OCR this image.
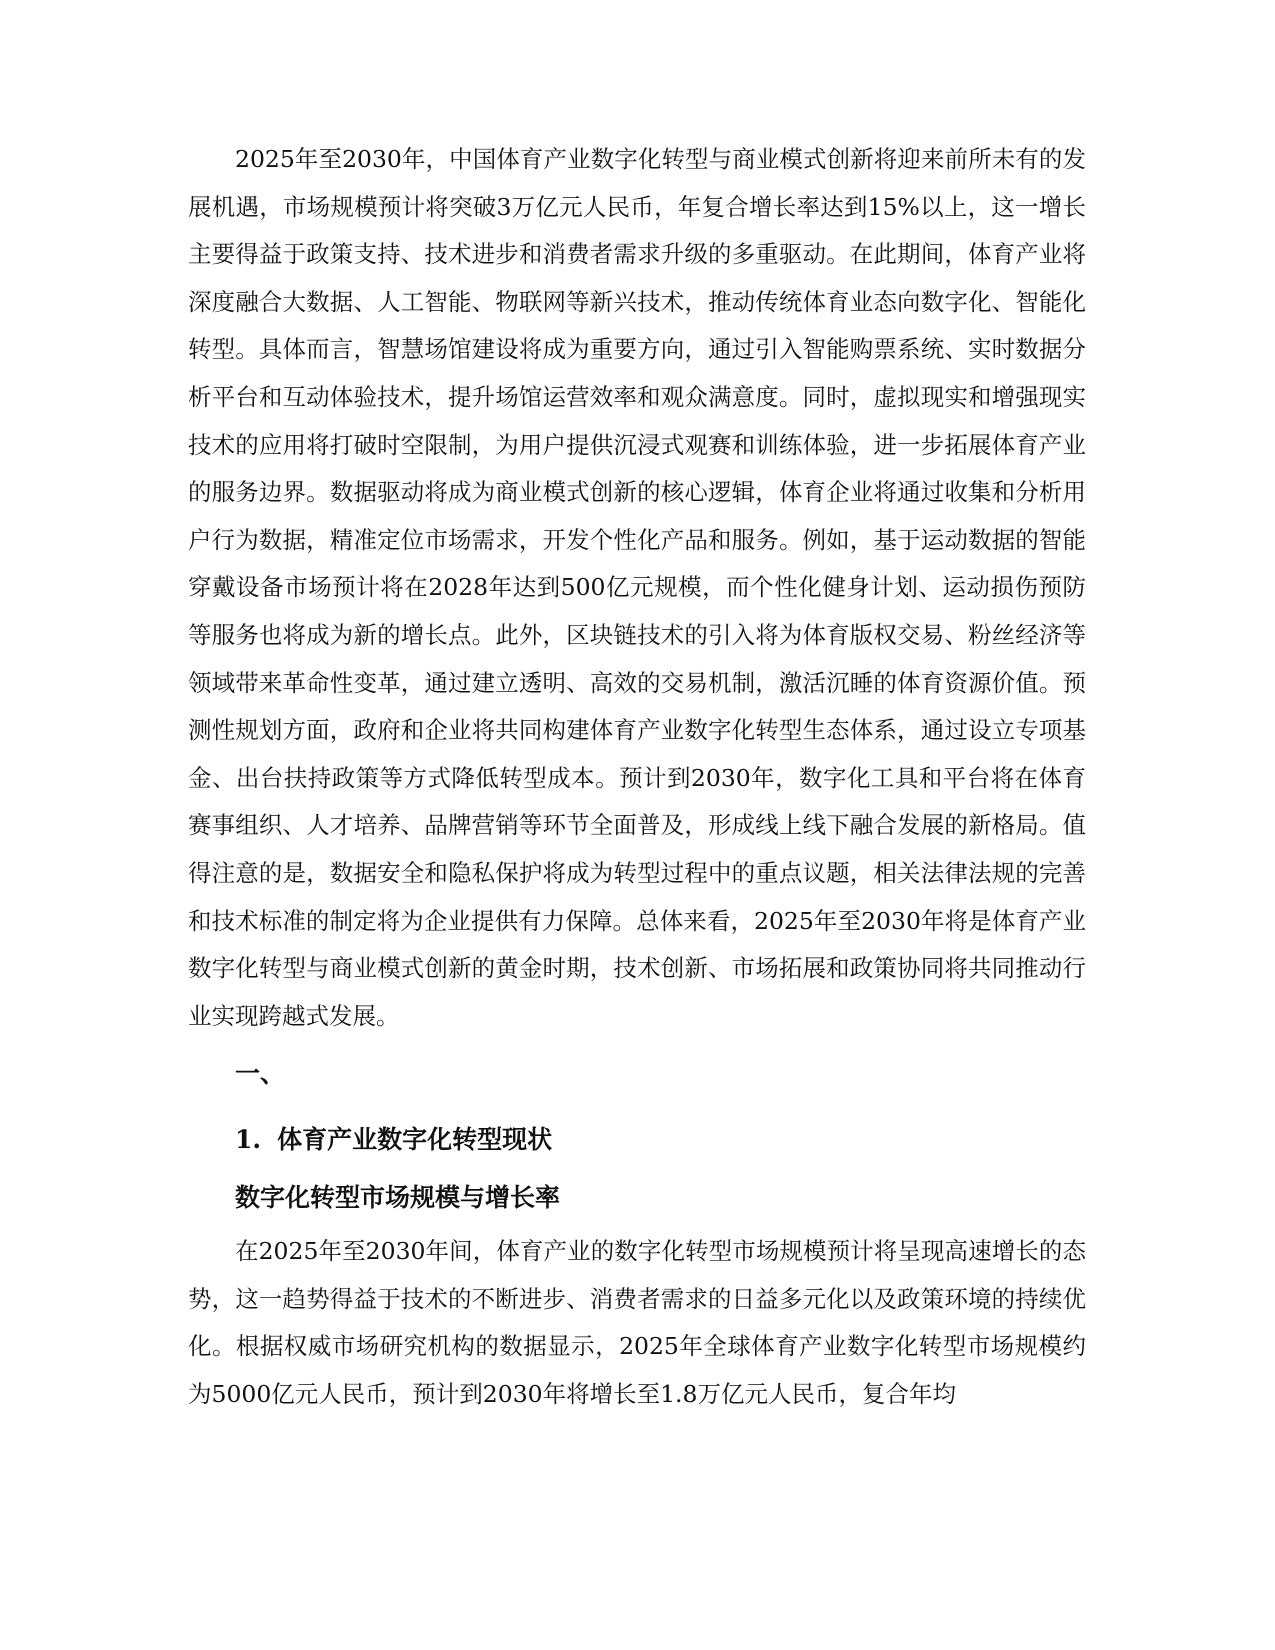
2025年至2030年，中国体育产业数字化转型与商业模式创新将迎来前所未有的发展机遇，市场规模预计将突破3万亿元人民币，年复合增长率达到15%以上，这一增长主要得益于政策支持、技术进步和消费者需求升级的多重驱动。在此期间，体育产业将深度融合大数据、人工智能、物联网等新兴技术，推动传统体育业态向数字化、智能化转型。具体而言，智慧场馆建设将成为重要方向，通过引入智能购票系统、实时数据分析平台和互动体验技术，提升场馆运营效率和观众满意度。同时，虚拟现实和增强现实技术的应用将打破时空限制，为用户提供沉浸式观赛和训练体验，进一步拓展体育产业的服务边界。数据驱动将成为商业模式创新的核心逻辑，体育企业将通过收集和分析用户行为数据，精准定位市场需求，开发个性化产品和服务。例如，基于运动数据的智能穿戴设备市场预计将在2028年达到500亿元规模，而个性化健身计划、运动损伤预防等服务也将成为新的增长点。此外，区块链技术的引入将为体育版权交易、粉丝经济等领域带来革命性变革，通过建立透明、高效的交易机制，激活沉睡的体育资源价值。预测性规划方面，政府和企业将共同构建体育产业数字化转型生态体系，通过设立专项基金、出台扶持政策等方式降低转型成本。预计到2030年，数字化工具和平台将在体育赛事组织、人才培养、品牌营销等环节全面普及，形成线上线下融合发展的新格局。值得注意的是，数据安全和隐私保护将成为转型过程中的重点议题，相关法律法规的完善和技术标准的制定将为企业提供有力保障。总体来看，2025年至2030年将是体育产业数字化转型与商业模式创新的黄金时期，技术创新、市场拓展和政策协同将共同推动行业实现跨越式发展。

一、
1. 体育产业数字化转型现状
数字化转型市场规模与增长率

在2025年至2030年间，体育产业的数字化转型市场规模预计将呈现高速增长的态势，这一趋势得益于技术的不断进步、消费者需求的日益多元化以及政策环境的持续优化。根据权威市场研究机构的数据显示，2025年全球体育产业数字化转型市场规模约为5000亿元人民币，预计到2030年将增长至1.8万亿元人民币，复合年均
